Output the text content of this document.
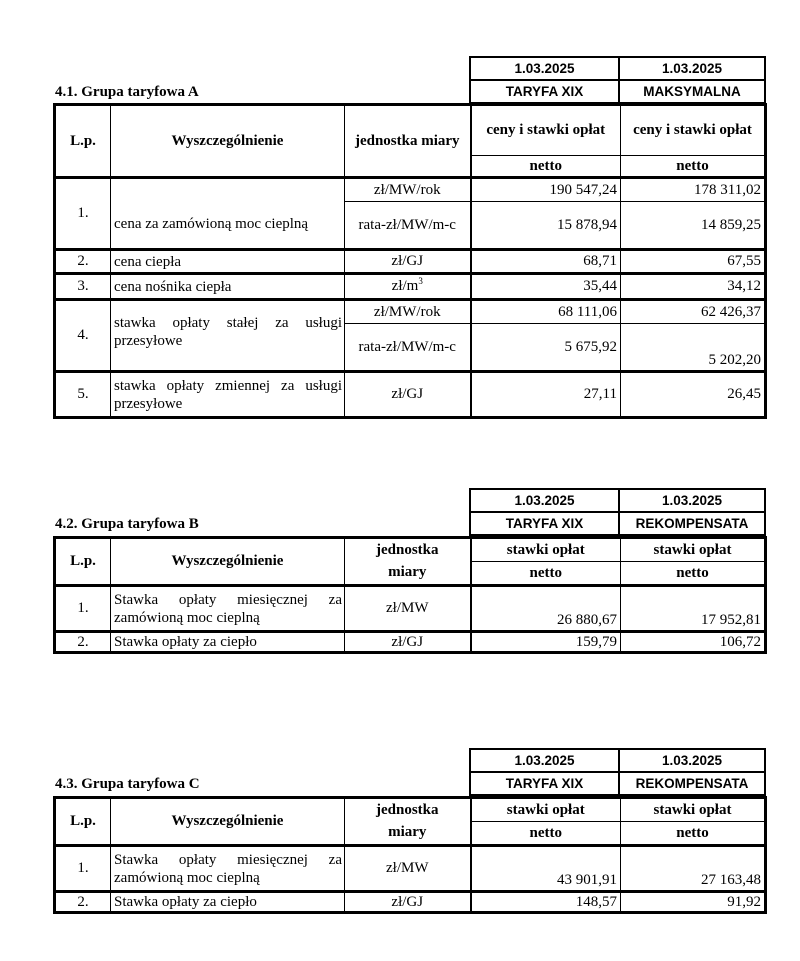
1.03.2025	1.03.2025
TARYFA XIX	MAKSYMALNA
4.1. Grupa taryfowa A
L.p.	Wyszczególnienie	jednostka miary	ceny i stawki opłat	ceny i stawki opłat
			netto	netto
1.	cena za zamówioną moc cieplną	zł/MW/rok	190 547,24	178 311,02
		rata-zł/MW/m-c	15 878,94	14 859,25
2.	cena ciepła	zł/GJ	68,71	67,55
3.	cena nośnika ciepła	$zł/m^3$	35,44	34,12
4.	stawka opłaty stałej za usługi przesyłowe	zł/MW/rok	68 111,06	62 426,37
		rata-zł/MW/m-c	5 675,92	5 202,20
5.	stawka opłaty zmiennej za usługi przesyłowe	zł/GJ	27,11	26,45
1.03.2025	1.03.2025
TARYFA XIX	REKOMPENSATA
4.2. Grupa taryfowa B
L.p.	Wyszczególnienie	jednostka	stawki opłat	stawki opłat
		miary	netto	netto
1.	Stawka opłaty miesięcznej za zamówioną moc cieplną	zł/MW	26 880,67	17 952,81
2.	Stawka opłaty za ciepło	zł/GJ	159,79	106,72
1.03.2025	1.03.2025
TARYFA XIX	REKOMPENSATA
4.3. Grupa taryfowa C
L.p.	Wyszczególnienie	jednostka	stawki opłat	stawki opłat
		miary	netto	netto
1.	Stawka opłaty miesięcznej za zamówioną moc cieplną	zł/MW	43 901,91	27 163,48
2.	Stawka opłaty za ciepło	zł/GJ	148,57	91,92
